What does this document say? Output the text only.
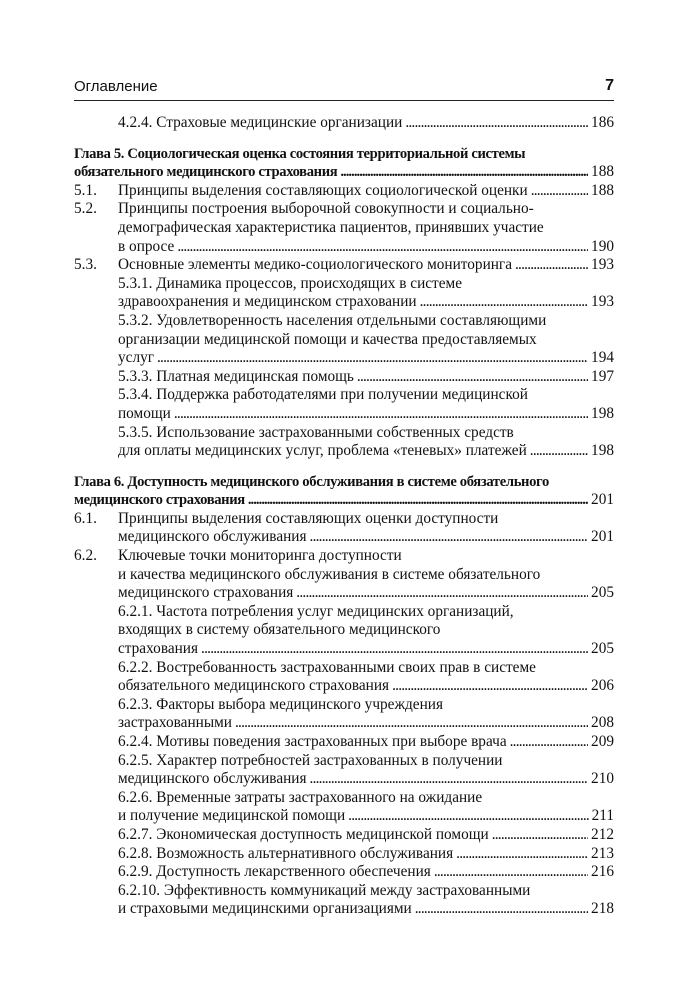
Оглавление	7
4.2.4. Страховые медицинские организации . . .	186
Глава 5. Социологическая оценка состояния территориальной системы
обязательного медицинского страхования . . .	188
5.1.	Принципы выделения составляющих социологической оценки . . .	188
5.2.	Принципы построения выборочной совокупности и социально-
демографическая характеристика пациентов, принявших участие
в опросе . . .	190
5.3.	Основные элементы медико-социологического мониторинга . . .	193
5.3.1. Динамика процессов, происходящих в системе
здравоохранения и медицинском страховании . . .	193
5.3.2. Удовлетворенность населения отдельными составляющими
организации медицинской помощи и качества предоставляемых
услуг . . .	194
5.3.3. Платная медицинская помощь . . .	197
5.3.4. Поддержка работодателями при получении медицинской
помощи . . .	198
5.3.5. Использование застрахованными собственных средств
для оплаты медицинских услуг, проблема «теневых» платежей . . .	198
Глава 6. Доступность медицинского обслуживания в системе обязательного
медицинского страхования . . .	201
6.1.	Принципы выделения составляющих оценки доступности
медицинского обслуживания . . .	201
6.2.	Ключевые точки мониторинга доступности
и качества медицинского обслуживания в системе обязательного
медицинского страхования . . .	205
6.2.1. Частота потребления услуг медицинских организаций,
входящих в систему обязательного медицинского
страхования . . .	205
6.2.2. Востребованность застрахованными своих прав в системе
обязательного медицинского страхования . . .	206
6.2.3. Факторы выбора медицинского учреждения
застрахованными . . .	208
6.2.4. Мотивы поведения застрахованных при выборе врача . . .	209
6.2.5. Характер потребностей застрахованных в получении
медицинского обслуживания . . .	210
6.2.6. Временные затраты застрахованного на ожидание
и получение медицинской помощи . . .	211
6.2.7. Экономическая доступность медицинской помощи . . .	212
6.2.8. Возможность альтернативного обслуживания . . .	213
6.2.9. Доступность лекарственного обеспечения . . .	216
6.2.10. Эффективность коммуникаций между застрахованными
и страховыми медицинскими организациями . . .	218
